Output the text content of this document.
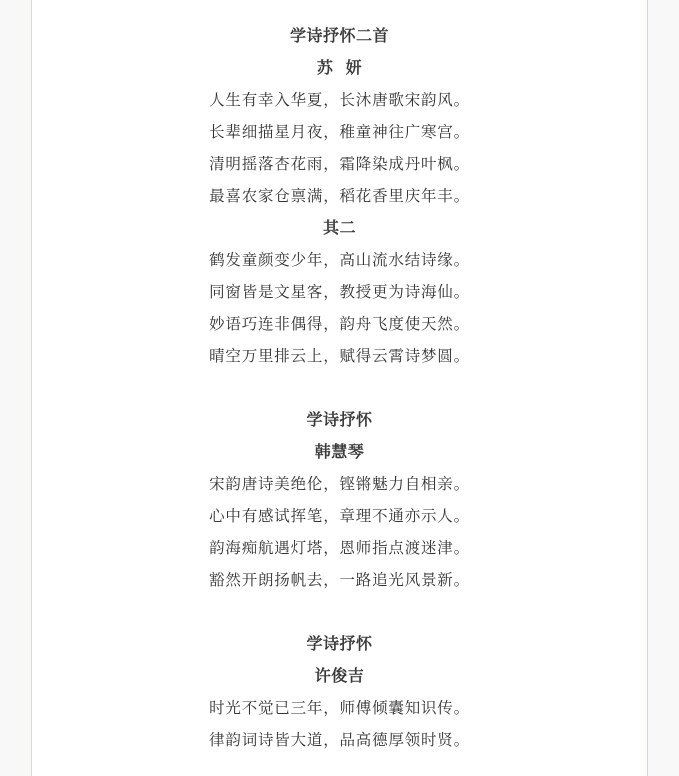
学诗抒怀二首
苏  妍
人生有幸入华夏，长沐唐歌宋韵风。
长辈细描星月夜，稚童神往广寒宫。
清明摇落杏花雨，霜降染成丹叶枫。
最喜农家仓禀满，稻花香里庆年丰。
其二
鹤发童颜变少年，高山流水结诗缘。
同窗皆是文星客，教授更为诗海仙。
妙语巧连非偶得，韵舟飞度使天然。
晴空万里排云上，赋得云霄诗梦圆。
学诗抒怀
韩慧琴
宋韵唐诗美绝伦，铿锵魅力自相亲。
心中有感试挥笔，章理不通亦示人。
韵海痴航遇灯塔，恩师指点渡迷津。
豁然开朗扬帆去，一路追光风景新。
学诗抒怀
许俊吉
时光不觉已三年，师傅倾囊知识传。
律韵词诗皆大道，品高德厚领时贤。
